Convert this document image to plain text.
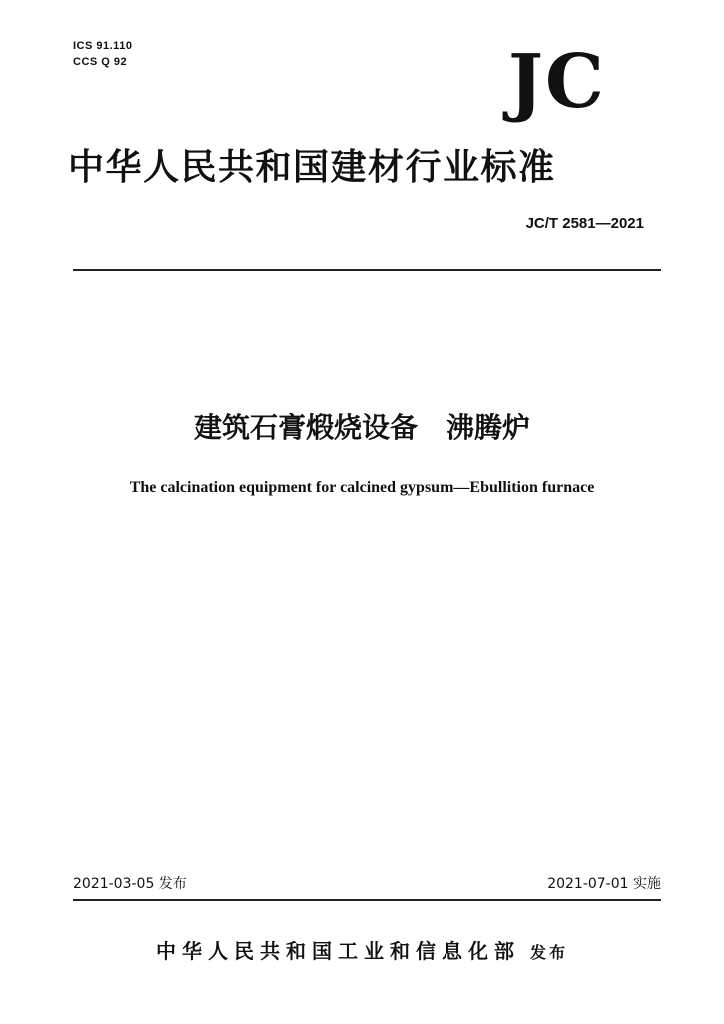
ICS 91.110
CCS Q 92	JC
中华人民共和国建材行业标准
JC/T 2581—2021
建筑石膏煅烧设备　沸腾炉
The calcination equipment for calcined gypsum—Ebullition furnace
2021-03-05 发布	2021-07-01 实施
中华人民共和国工业和信息化部 发布
